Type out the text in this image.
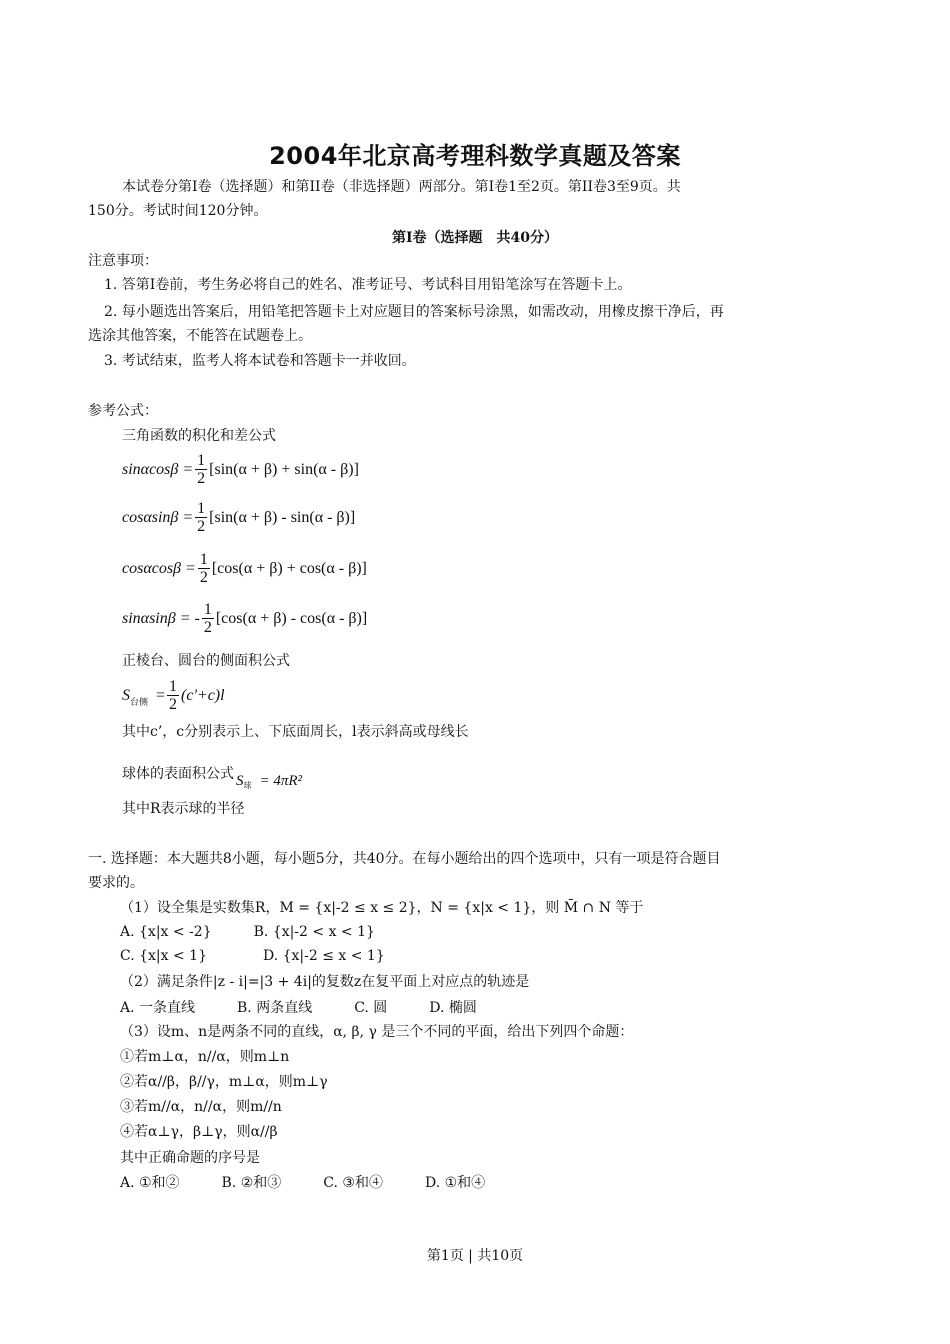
2004年北京高考理科数学真题及答案
本试卷分第I卷（选择题）和第II卷（非选择题）两部分。第I卷1至2页。第II卷3至9页。共
150分。考试时间120分钟。
第I卷（选择题　共40分）
注意事项：
1. 答第I卷前，考生务必将自己的姓名、准考证号、考试科目用铅笔涂写在答题卡上。
2. 每小题选出答案后，用铅笔把答题卡上对应题目的答案标号涂黑，如需改动，用橡皮擦干净后，再
选涂其他答案，不能答在试题卷上。
3. 考试结束，监考人将本试卷和答题卡一并收回。
参考公式：
三角函数的积化和差公式
$\sin\alpha\cos\beta = \frac{1}{2} [\sin(\alpha + \beta) + \sin(\alpha - \beta)]$
$\cos\alpha\sin\beta = \frac{1}{2} [\sin(\alpha + \beta) - \sin(\alpha - \beta)]$
$\cos\alpha\cos\beta = \frac{1}{2} [\cos(\alpha + \beta) + \cos(\alpha - \beta)]$
sinαsinβ = - $\frac{1}{2} [\cos(\alpha + \beta) - \cos(\alpha - \beta)]$
正棱台、圆台的侧面积公式
S 台侧 = $\frac{1}{2} (c'+c)l$
其中c’，c分别表示上、下底面周长，l表示斜高或母线长
球体的表面积公式 S 球 = 4πR²
其中R表示球的半径
一. 选择题：本大题共8小题，每小题5分，共40分。在每小题给出的四个选项中，只有一项是符合题目
要求的。
（1）设全集是实数集R，M = {x|-2 ≤ x ≤ 2}，N = {x|x < 1}，则 M̄ ∩ N 等于
A. {x|x < -2}　　　B. {x|-2 < x < 1}
C. {x|x < 1}　　　　D. {x|-2 ≤ x < 1}
（2）满足条件|z - i|=|3 + 4i|的复数z在复平面上对应点的轨迹是
A. 一条直线　　　B. 两条直线　　　C. 圆　　　D. 椭圆
（3）设m、n是两条不同的直线，α, β, γ 是三个不同的平面，给出下列四个命题：
①若m⊥α，n//α，则m⊥n
②若α//β，β//γ，m⊥α，则m⊥γ
③若m//α，n//α，则m//n
④若α⊥γ，β⊥γ，则α//β
其中正确命题的序号是
A. ①和②　　　B. ②和③　　　C. ③和④　　　D. ①和④
第1页 | 共10页
